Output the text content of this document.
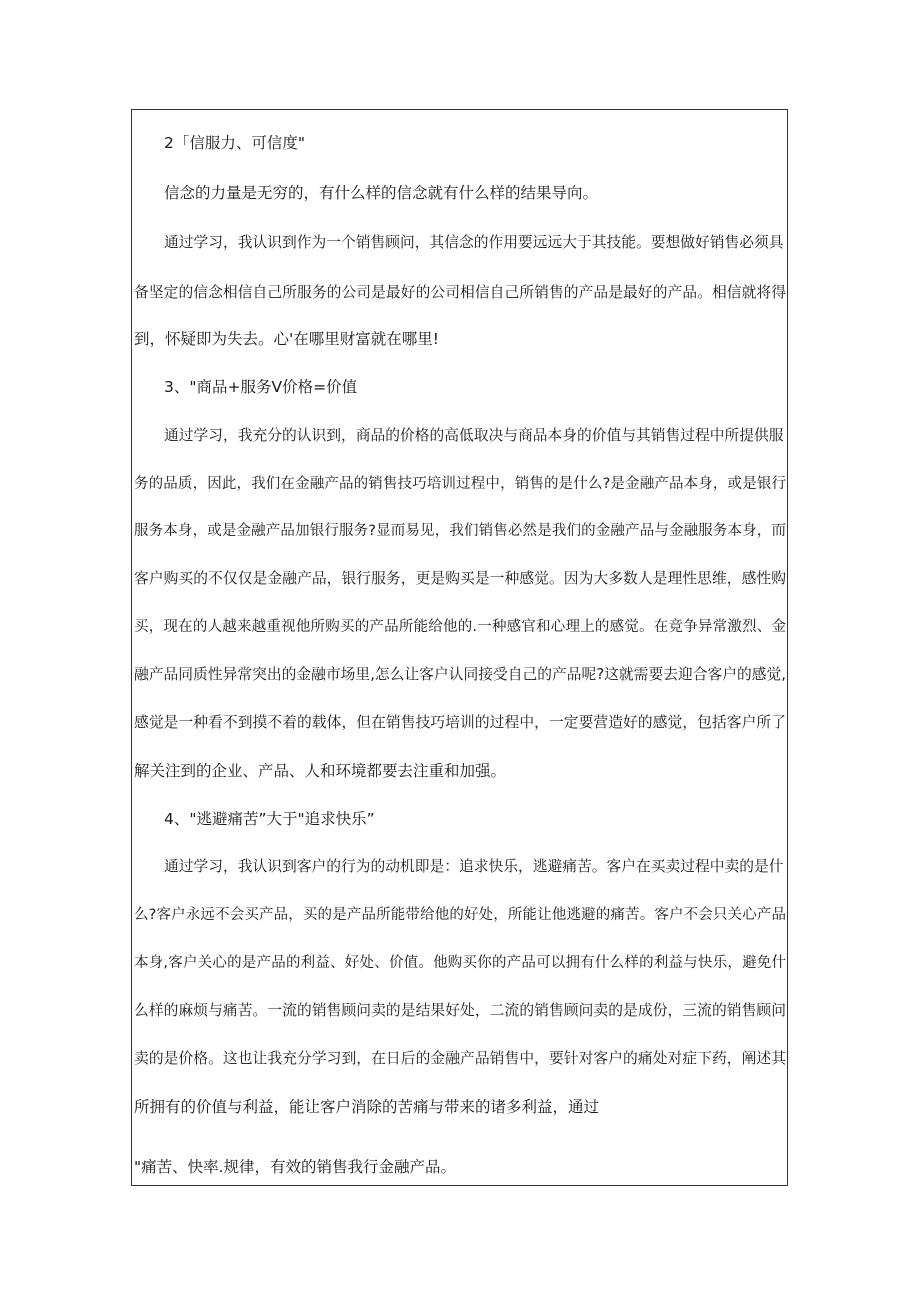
2「信服力、可信度"
信念的力量是无穷的，有什么样的信念就有什么样的结果导向。
通过学习，我认识到作为一个销售顾问，其信念的作用要远远大于其技能。要想做好销售必须具
备坚定的信念相信自己所服务的公司是最好的公司相信自己所销售的产品是最好的产品。相信就将得
到，怀疑即为失去。心'在哪里财富就在哪里!
3、"商品+服务V价格=价值
通过学习，我充分的认识到，商品的价格的高低取决与商品本身的价值与其销售过程中所提供服
务的品质，因此，我们在金融产品的销售技巧培训过程中，销售的是什么?是金融产品本身，或是银行
服务本身，或是金融产品加银行服务?显而易见，我们销售必然是我们的金融产品与金融服务本身，而
客户购买的不仅仅是金融产品，银行服务，更是购买是一种感觉。因为大多数人是理性思维，感性购
买，现在的人越来越重视他所购买的产品所能给他的.一种感官和心理上的感觉。在竞争异常激烈、金
融产品同质性异常突出的金融市场里,怎么让客户认同接受自己的产品呢?这就需要去迎合客户的感觉,
感觉是一种看不到摸不着的载体，但在销售技巧培训的过程中，一定要营造好的感觉，包括客户所了
解关注到的企业、产品、人和环境都要去注重和加强。
4、"逃避痛苦”大于"追求快乐”
通过学习，我认识到客户的行为的动机即是：追求快乐，逃避痛苦。客户在买卖过程中卖的是什
么?客户永远不会买产品，买的是产品所能带给他的好处，所能让他逃避的痛苦。客户不会只关心产品
本身,客户关心的是产品的利益、好处、价值。他购买你的产品可以拥有什么样的利益与快乐，避免什
么样的麻烦与痛苦。一流的销售顾问卖的是结果好处，二流的销售顾问卖的是成份，三流的销售顾问
卖的是价格。这也让我充分学习到，在日后的金融产品销售中，要针对客户的痛处对症下药，阐述其
所拥有的价值与利益，能让客户消除的苦痛与带来的诸多利益，通过
"痛苦、快率.规律，有效的销售我行金融产品。
